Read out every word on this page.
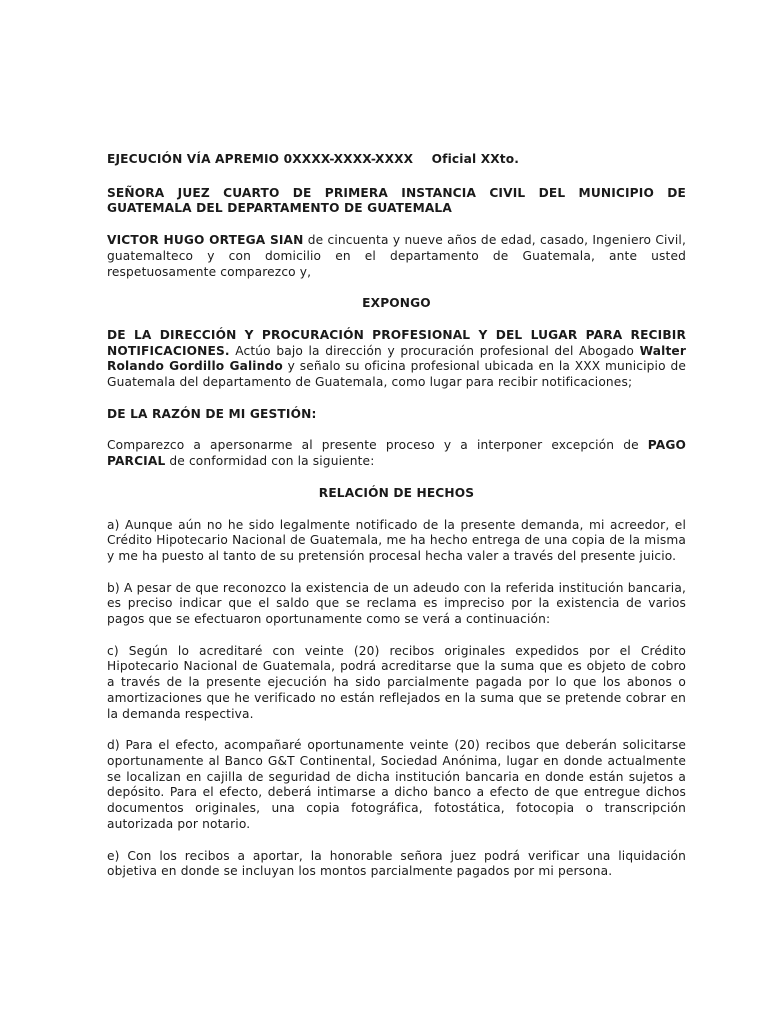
EJECUCIÓN VÍA APREMIO 0XXXX-XXXX-XXXX Oficial XXto.

SEÑORA JUEZ CUARTO DE PRIMERA INSTANCIA CIVIL DEL MUNICIPIO DE GUATEMALA DEL DEPARTAMENTO DE GUATEMALA

VICTOR HUGO ORTEGA SIAN de cincuenta y nueve años de edad, casado, Ingeniero Civil, guatemalteco y con domicilio en el departamento de Guatemala, ante usted respetuosamente comparezco y,

EXPONGO

DE LA DIRECCIÓN Y PROCURACIÓN PROFESIONAL Y DEL LUGAR PARA RECIBIR NOTIFICACIONES. Actúo bajo la dirección y procuración profesional del Abogado Walter Rolando Gordillo Galindo y señalo su oficina profesional ubicada en la XXX municipio de Guatemala del departamento de Guatemala, como lugar para recibir notificaciones;

DE LA RAZÓN DE MI GESTIÓN:

Comparezco a apersonarme al presente proceso y a interponer excepción de PAGO PARCIAL de conformidad con la siguiente:

RELACIÓN DE HECHOS

a) Aunque aún no he sido legalmente notificado de la presente demanda, mi acreedor, el Crédito Hipotecario Nacional de Guatemala, me ha hecho entrega de una copia de la misma y me ha puesto al tanto de su pretensión procesal hecha valer a través del presente juicio.

b) A pesar de que reconozco la existencia de un adeudo con la referida institución bancaria, es preciso indicar que el saldo que se reclama es impreciso por la existencia de varios pagos que se efectuaron oportunamente como se verá a continuación:

c) Según lo acreditaré con veinte (20) recibos originales expedidos por el Crédito Hipotecario Nacional de Guatemala, podrá acreditarse que la suma que es objeto de cobro a través de la presente ejecución ha sido parcialmente pagada por lo que los abonos o amortizaciones que he verificado no están reflejados en la suma que se pretende cobrar en la demanda respectiva.

d) Para el efecto, acompañaré oportunamente veinte (20) recibos que deberán solicitarse oportunamente al Banco G&T Continental, Sociedad Anónima, lugar en donde actualmente se localizan en cajilla de seguridad de dicha institución bancaria en donde están sujetos a depósito. Para el efecto, deberá intimarse a dicho banco a efecto de que entregue dichos documentos originales, una copia fotográfica, fotostática, fotocopia o transcripción autorizada por notario.

e) Con los recibos a aportar, la honorable señora juez podrá verificar una liquidación objetiva en donde se incluyan los montos parcialmente pagados por mi persona.
